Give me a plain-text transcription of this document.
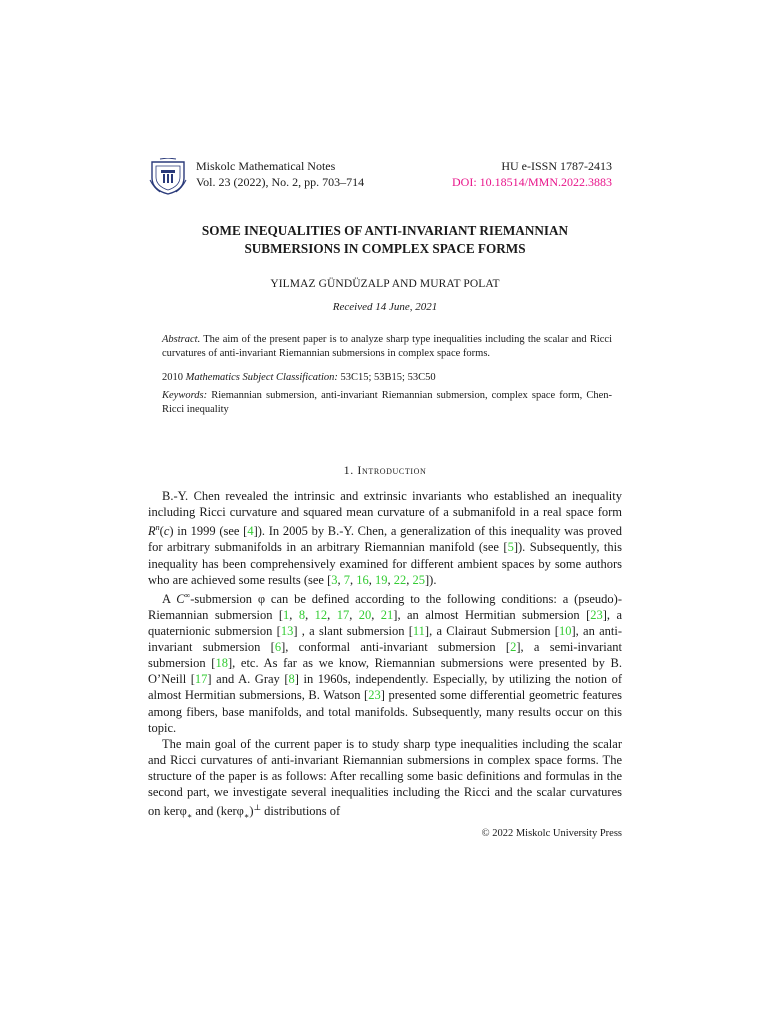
Miskolc Mathematical Notes
Vol. 23 (2022), No. 2, pp. 703–714
HU e-ISSN 1787-2413
DOI: 10.18514/MMN.2022.3883
SOME INEQUALITIES OF ANTI-INVARIANT RIEMANNIAN
SUBMERSIONS IN COMPLEX SPACE FORMS
YILMAZ GÜNDÜZALP AND MURAT POLAT
Received 14 June, 2021
Abstract. The aim of the present paper is to analyze sharp type inequalities including the scalar and Ricci curvatures of anti-invariant Riemannian submersions in complex space forms.
2010 Mathematics Subject Classification: 53C15; 53B15; 53C50
Keywords: Riemannian submersion, anti-invariant Riemannian submersion, complex space form, Chen-Ricci inequality
1. Introduction

B.-Y. Chen revealed the intrinsic and extrinsic invariants who established an inequality including Ricci curvature and squared mean curvature of a submanifold in a real space form $R^n(c)$ in 1999 (see [4]). In 2005 by B.-Y. Chen, a generalization of this inequality was proved for arbitrary submanifolds in an arbitrary Riemannian manifold (see [5]). Subsequently, this inequality has been comprehensively examined for different ambient spaces by some authors who are achieved some results (see [3, 7, 16, 19, 22, 25]).

A C∞-submersion φ can be defined according to the following conditions: a (pseudo)-Riemannian submersion [1, 8, 12, 17, 20, 21], an almost Hermitian submersion [23], a quaternionic submersion [13] , a slant submersion [11], a Clairaut Submersion [10], an anti-invariant submersion [6], conformal anti-invariant submersion [2], a semi-invariant submersion [18], etc. As far as we know, Riemannian submersions were presented by B. O’Neill [17] and A. Gray [8] in 1960s, independently. Especially, by utilizing the notion of almost Hermitian submersions, B. Watson [23] presented some differential geometric features among fibers, base manifolds, and total manifolds. Subsequently, many results occur on this topic.

The main goal of the current paper is to study sharp type inequalities including the scalar and Ricci curvatures of anti-invariant Riemannian submersions in complex space forms. The structure of the paper is as follows: After recalling some basic definitions and formulas in the second part, we investigate several inequalities including the Ricci and the scalar curvatures on kerφ$_∗$ and (kerφ$_∗$)⊥ distributions of

© 2022 Miskolc University Press
